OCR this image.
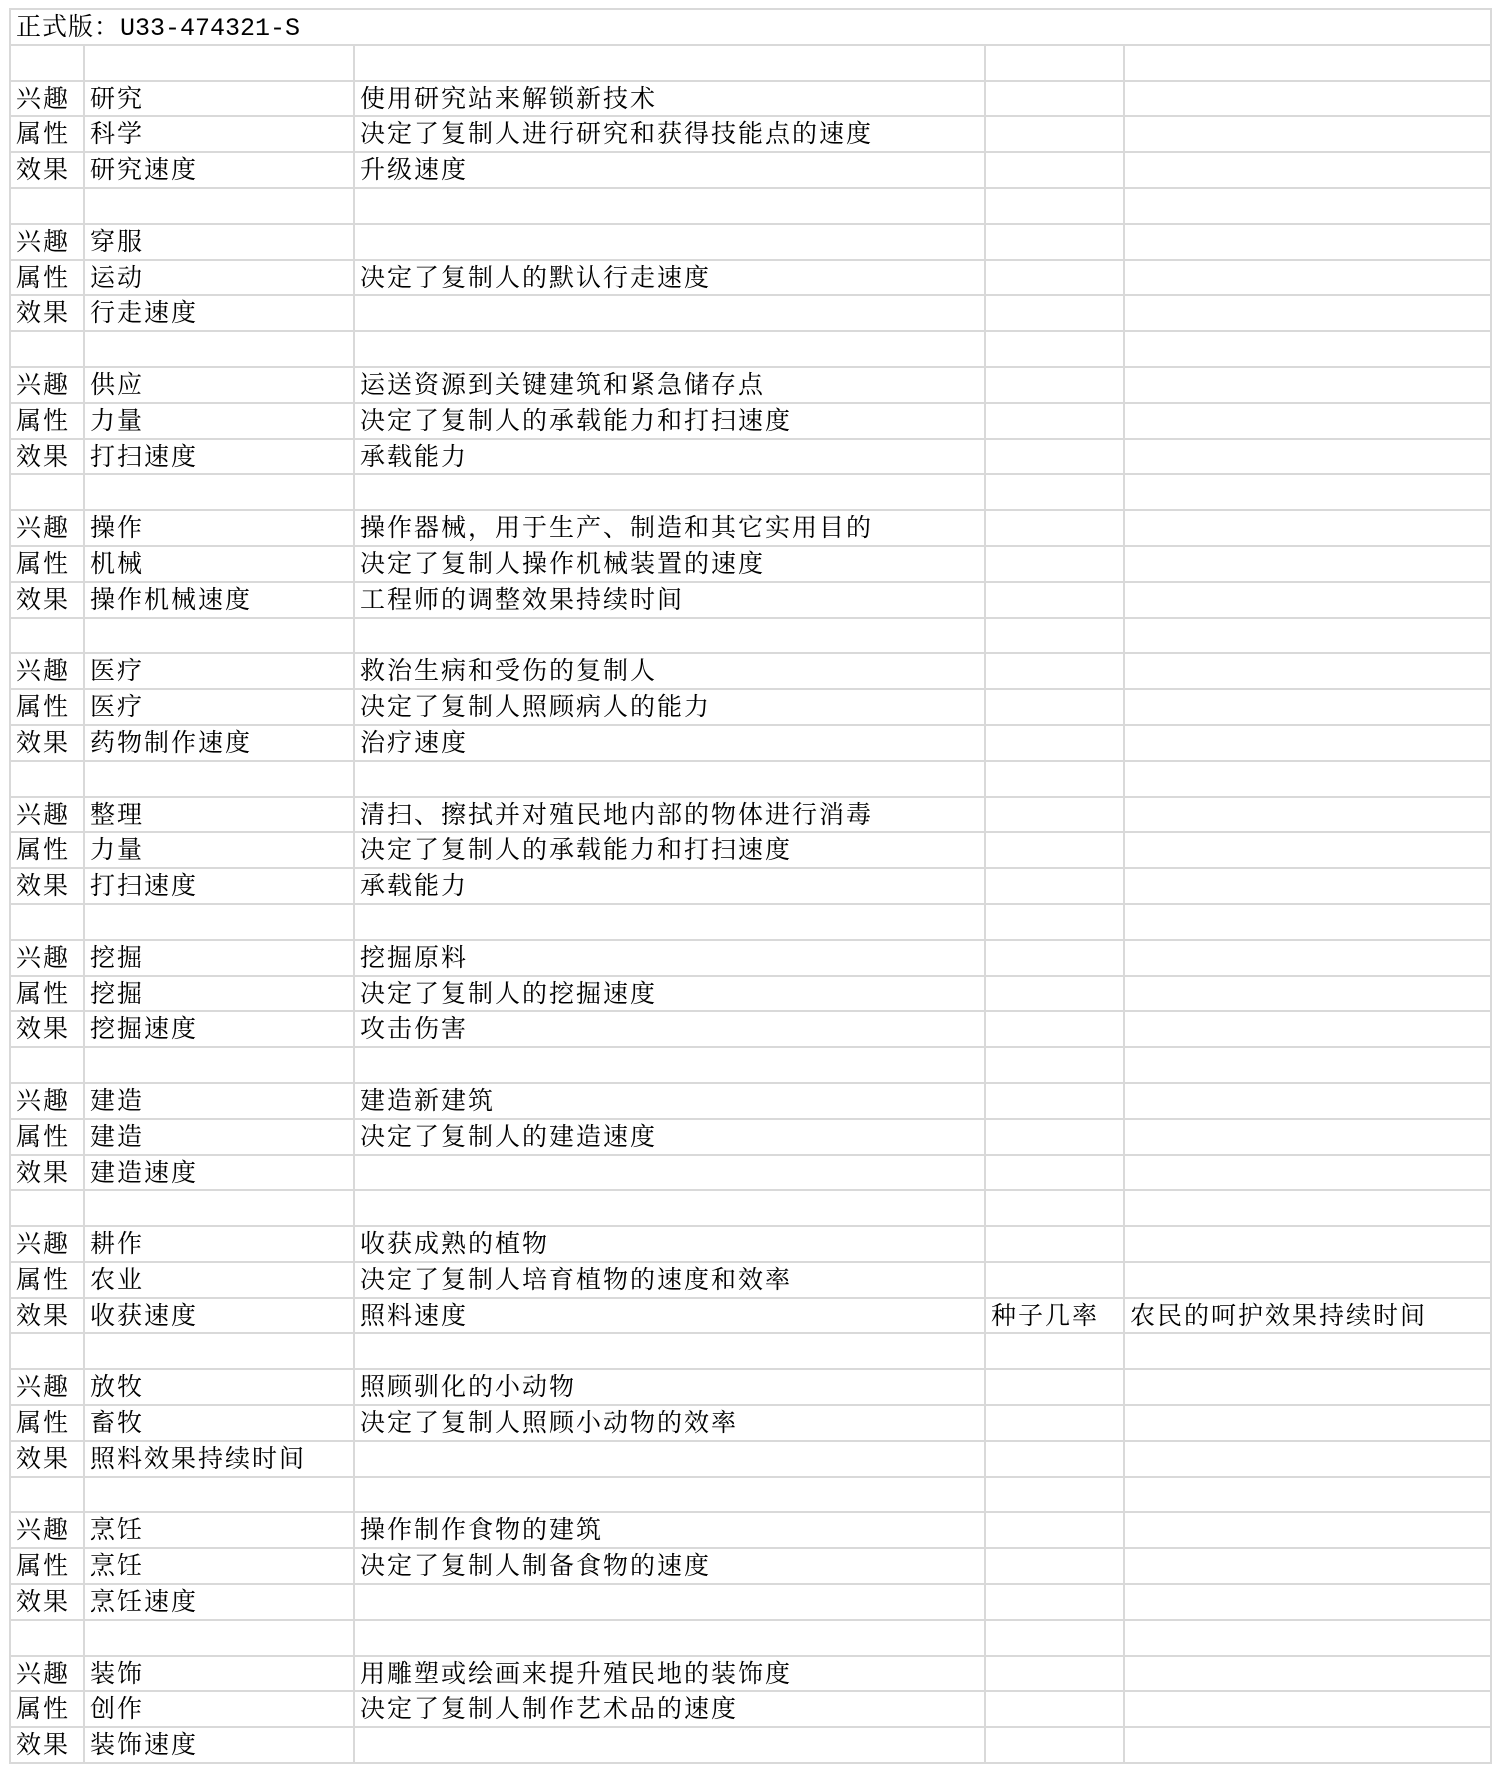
正式版：U33-474321-S
兴趣 研究	使用研究站来解锁新技术
属性 科学	决定了复制人进行研究和获得技能点的速度
效果 研究速度	升级速度
兴趣 穿服
属性 运动	决定了复制人的默认行走速度
效果 行走速度
兴趣 供应	运送资源到关键建筑和紧急储存点
属性 力量	决定了复制人的承载能力和打扫速度
效果 打扫速度	承载能力
兴趣 操作	操作器械，用于生产、制造和其它实用目的
属性 机械	决定了复制人操作机械装置的速度
效果 操作机械速度	工程师的调整效果持续时间
兴趣 医疗	救治生病和受伤的复制人
属性 医疗	决定了复制人照顾病人的能力
效果 药物制作速度	治疗速度
兴趣 整理	清扫、擦拭并对殖民地内部的物体进行消毒
属性 力量	决定了复制人的承载能力和打扫速度
效果 打扫速度	承载能力
兴趣 挖掘	挖掘原料
属性 挖掘	决定了复制人的挖掘速度
效果 挖掘速度	攻击伤害
兴趣 建造	建造新建筑
属性 建造	决定了复制人的建造速度
效果 建造速度
兴趣 耕作	收获成熟的植物
属性 农业	决定了复制人培育植物的速度和效率
效果 收获速度	照料速度	种子几率	农民的呵护效果持续时间
兴趣 放牧	照顾驯化的小动物
属性 畜牧	决定了复制人照顾小动物的效率
效果 照料效果持续时间
兴趣 烹饪	操作制作食物的建筑
属性 烹饪	决定了复制人制备食物的速度
效果 烹饪速度
兴趣 装饰	用雕塑或绘画来提升殖民地的装饰度
属性 创作	决定了复制人制作艺术品的速度
效果 装饰速度
